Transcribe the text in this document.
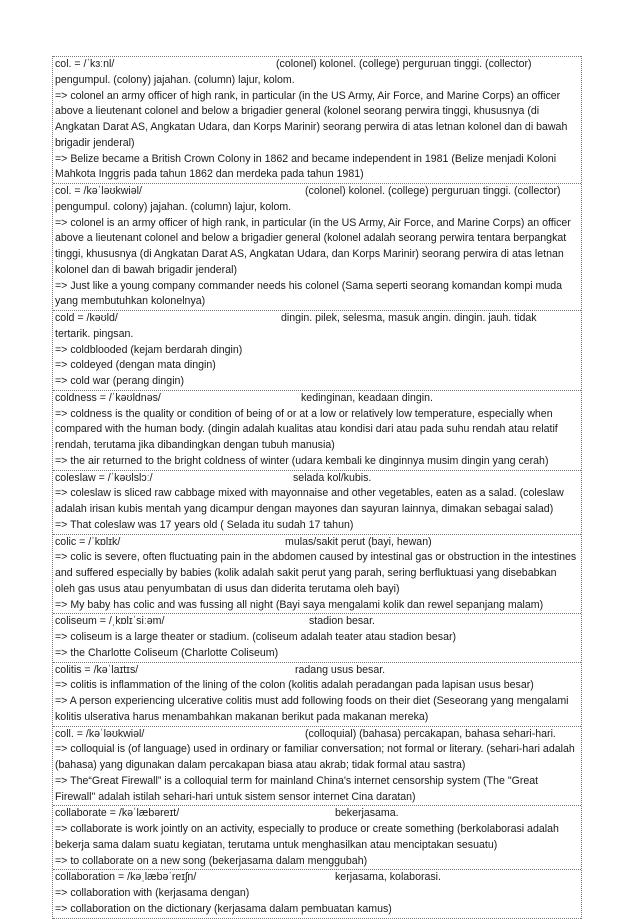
col. = /ˈkɜːnl/	(colonel) kolonel. (college) perguruan tinggi. (collector)
pengumpul. (colony) jajahan. (column) lajur, kolom.
=> colonel an army officer of high rank, in particular (in the US Army, Air Force, and Marine Corps) an officer above a lieutenant colonel and below a brigadier general (kolonel seorang perwira tinggi, khususnya (di Angkatan Darat AS, Angkatan Udara, dan Korps Marinir) seorang perwira di atas letnan kolonel dan di bawah brigadir jenderal)
=> Belize became a British Crown Colony in 1862 and became independent in 1981 (Belize menjadi Koloni Mahkota Inggris pada tahun 1862 dan merdeka pada tahun 1981)
col. = /kəˈləʊkwiəl/	(colonel) kolonel. (college) perguruan tinggi. (collector)
pengumpul. colony) jajahan. (column) lajur, kolom.
=> colonel is an army officer of high rank, in particular (in the US Army, Air Force, and Marine Corps) an officer above a lieutenant colonel and below a brigadier general (kolonel adalah seorang perwira tentara berpangkat tinggi, khususnya (di Angkatan Darat AS, Angkatan Udara, dan Korps Marinir) seorang perwira di atas letnan kolonel dan di bawah brigadir jenderal)
=> Just like a young company commander needs his colonel (Sama seperti seorang komandan kompi muda yang membutuhkan kolonelnya)
cold = /kəʊld/	dingin. pilek, selesma, masuk angin. dingin. jauh. tidak
tertarik. pingsan.
=> coldblooded (kejam berdarah dingin)
=> coldeyed (dengan mata dingin)
=> cold war (perang dingin)
coldness = /ˈkəʊldnəs/	kedinginan, keadaan dingin.
=> coldness is the quality or condition of being of or at a low or relatively low temperature, especially when compared with the human body. (dingin adalah kualitas atau kondisi dari atau pada suhu rendah atau relatif rendah, terutama jika dibandingkan dengan tubuh manusia)
=> the air returned to the bright coldness of winter (udara kembali ke dinginnya musim dingin yang cerah)
coleslaw = /ˈkəʊlslɔː/	selada kol/kubis.
=> coleslaw is sliced raw cabbage mixed with mayonnaise and other vegetables, eaten as a salad. (coleslaw adalah irisan kubis mentah yang dicampur dengan mayones dan sayuran lainnya, dimakan sebagai salad)
=> That coleslaw was 17 years old ( Selada itu sudah 17 tahun)
colic = /ˈkɒlɪk/	mulas/sakit perut (bayi, hewan)
=> colic is severe, often fluctuating pain in the abdomen caused by intestinal gas or obstruction in the intestines and suffered especially by babies (kolik adalah sakit perut yang parah, sering berfluktuasi yang disebabkan oleh gas usus atau penyumbatan di usus dan diderita terutama oleh bayi)
=> My baby has colic and was fussing all night (Bayi saya mengalami kolik dan rewel sepanjang malam)
coliseum = /ˌkɒlɪˈsiːəm/	stadion besar.
=> coliseum is a large theater or stadium. (coliseum adalah teater atau stadion besar)
=> the Charlotte Coliseum (Charlotte Coliseum)
colitis = /kəˈlaɪtɪs/	radang usus besar.
=> colitis is inflammation of the lining of the colon (kolitis adalah peradangan pada lapisan usus besar)
=> A person experiencing ulcerative colitis must add following foods on their diet (Seseorang yang mengalami kolitis ulserativa harus menambahkan makanan berikut pada makanan mereka)
coll. = /kəˈləʊkwiəl/	(colloquial) (bahasa) percakapan, bahasa sehari-hari.
=> colloquial is (of language) used in ordinary or familiar conversation; not formal or literary. (sehari-hari adalah (bahasa) yang digunakan dalam percakapan biasa atau akrab; tidak formal atau sastra)
=> The“Great Firewall” is a colloquial term for mainland China's internet censorship system (The "Great Firewall" adalah istilah sehari-hari untuk sistem sensor internet Cina daratan)
collaborate = /kəˈlæbəreɪt/	bekerjasama.
=> collaborate is work jointly on an activity, especially to produce or create something (berkolaborasi adalah bekerja sama dalam suatu kegiatan, terutama untuk menghasilkan atau menciptakan sesuatu)
=> to collaborate on a new song (bekerjasama dalam menggubah)
collaboration = /kəˌlæbəˈreɪʃn/	kerjasama, kolaborasi.
=> collaboration with (kerjasama dengan)
=> collaboration on the dictionary (kerjasama dalam pembuatan kamus)
